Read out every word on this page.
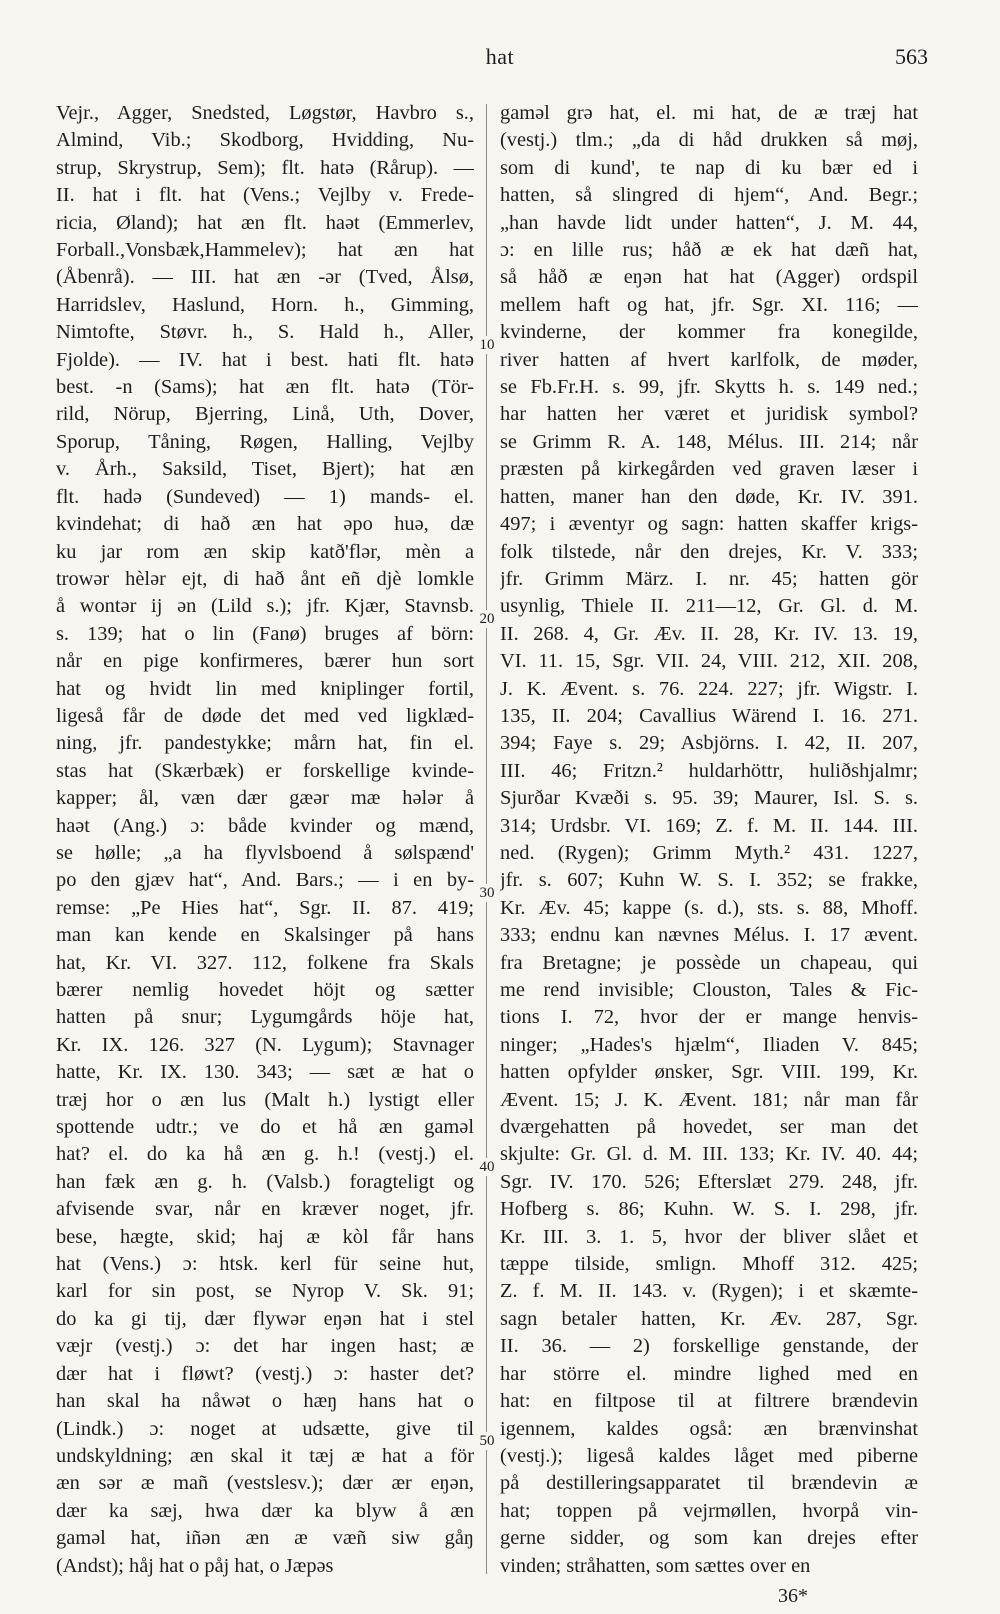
hat	563
Vejr., Agger, Snedsted, Løgstør, Havbro s.,
Almind, Vib.; Skodborg, Hvidding, Nu-
strup, Skrystrup, Sem); flt. hatə (Rårup). —
II. hat i flt. hat (Vens.; Vejlby v. Frede-
ricia, Øland); hat æn flt. haət (Emmerlev,
Forball.,Vonsbæk,Hammelev); hat æn hat
(Åbenrå). — III. hat æn -ər (Tved, Ålsø,
Harridslev, Haslund, Horn. h., Gimming,
Nimtofte, Støvr. h., S. Hald h., Aller,
Fjolde). — IV. hat i best. hati flt. hatə
best. -n (Sams); hat æn flt. hatə (Tör-
rild, Nörup, Bjerring, Linå, Uth, Dover,
Sporup, Tåning, Røgen, Halling, Vejlby
v. Årh., Saksild, Tiset, Bjert); hat æn
flt. hadə (Sundeved) — 1) mands- el.
kvindehat; di hað æn hat əpo huə, dæ
ku jar rom æn skip katð'flər, mèn a
trowər hèlər ejt, di hað ånt eñ djè lomkle
å wontər ij ən (Lild s.); jfr. Kjær, Stavnsb.
s. 139; hat o lin (Fanø) bruges af börn:
når en pige konfirmeres, bærer hun sort
hat og hvidt lin med kniplinger fortil,
ligeså får de døde det med ved ligklæd-
ning, jfr. pandestykke; mårn hat, fin el.
stas hat (Skærbæk) er forskellige kvinde-
kapper; ål, væn dær gæər mæ hələr å
haət (Ang.) ɔ: både kvinder og mænd,
se hølle; „a ha flyvlsboend å sølspænd'
po den gjæv hat“, And. Bars.; — i en by-
remse: „Pe Hies hat“, Sgr. II. 87. 419;
man kan kende en Skalsinger på hans
hat, Kr. VI. 327. 112, folkene fra Skals
bærer nemlig hovedet höjt og sætter
hatten på snur; Lygumgårds höje hat,
Kr. IX. 126. 327 (N. Lygum); Stavnager
hatte, Kr. IX. 130. 343; — sæt æ hat o
træj hor o æn lus (Malt h.) lystigt eller
spottende udtr.; ve do et hå æn gaməl
hat? el. do ka hå æn g. h.! (vestj.) el.
han fæk æn g. h. (Valsb.) foragteligt og
afvisende svar, når en kræver noget, jfr.
bese, hægte, skid; haj æ kòl får hans
hat (Vens.) ɔ: htsk. kerl für seine hut,
karl for sin post, se Nyrop V. Sk. 91;
do ka gi tij, dær flywər eŋən hat i stel
væjr (vestj.) ɔ: det har ingen hast; æ
dær hat i fløwt? (vestj.) ɔ: haster det?
han skal ha nåwət o hæŋ hans hat o
(Lindk.) ɔ: noget at udsætte, give til
undskyldning; æn skal it tæj æ hat a för
æn sər æ mañ (vestslesv.); dær ær eŋən,
dær ka sæj, hwa dær ka blyw å æn
gaməl hat, iñən æn æ væñ siw gåŋ
(Andst); håj hat o påj hat, o Jæpəs
gaməl grə hat, el. mi hat, de æ træj hat
(vestj.) tlm.; „da di håd drukken så møj,
som di kund', te nap di ku bær ed i
hatten, så slingred di hjem“, And. Begr.;
„han havde lidt under hatten“, J. M. 44,
ɔ: en lille rus; håð æ ek hat dæñ hat,
så håð æ eŋən hat hat (Agger) ordspil
mellem haft og hat, jfr. Sgr. XI. 116; —
kvinderne, der kommer fra konegilde,
river hatten af hvert karlfolk, de møder,
se Fb.Fr.H. s. 99, jfr. Skytts h. s. 149 ned.;
har hatten her været et juridisk symbol?
se Grimm R. A. 148, Mélus. III. 214; når
præsten på kirkegården ved graven læser i
hatten, maner han den døde, Kr. IV. 391.
497; i æventyr og sagn: hatten skaffer krigs-
folk tilstede, når den drejes, Kr. V. 333;
jfr. Grimm März. I. nr. 45; hatten gör
usynlig, Thiele II. 211—12, Gr. Gl. d. M.
II. 268. 4, Gr. Æv. II. 28, Kr. IV. 13. 19,
VI. 11. 15, Sgr. VII. 24, VIII. 212, XII. 208,
J. K. Ævent. s. 76. 224. 227; jfr. Wigstr. I.
135, II. 204; Cavallius Wärend I. 16. 271.
394; Faye s. 29; Asbjörns. I. 42, II. 207,
III. 46; Fritzn.² huldarhöttr, huliðshjalmr;
Sjurðar Kvæði s. 95. 39; Maurer, Isl. S. s.
314; Urdsbr. VI. 169; Z. f. M. II. 144. III.
ned. (Rygen); Grimm Myth.² 431. 1227,
jfr. s. 607; Kuhn W. S. I. 352; se frakke,
Kr. Æv. 45; kappe (s. d.), sts. s. 88, Mhoff.
333; endnu kan nævnes Mélus. I. 17 ævent.
fra Bretagne; je possède un chapeau, qui
me rend invisible; Clouston, Tales & Fic-
tions I. 72, hvor der er mange henvis-
ninger; „Hades's hjælm“, Iliaden V. 845;
hatten opfylder ønsker, Sgr. VIII. 199, Kr.
Ævent. 15; J. K. Ævent. 181; når man får
dværgehatten på hovedet, ser man det
skjulte: Gr. Gl. d. M. III. 133; Kr. IV. 40. 44;
Sgr. IV. 170. 526; Efterslæt 279. 248, jfr.
Hofberg s. 86; Kuhn. W. S. I. 298, jfr.
Kr. III. 3. 1. 5, hvor der bliver slået et
tæppe tilside, smlign. Mhoff 312. 425;
Z. f. M. II. 143. v. (Rygen); i et skæmte-
sagn betaler hatten, Kr. Æv. 287, Sgr.
II. 36. — 2) forskellige genstande, der
har större el. mindre lighed med en
hat: en filtpose til at filtrere brændevin
igennem, kaldes også: æn brænvinshat
(vestj.); ligeså kaldes låget med piberne
på destilleringsapparatet til brændevin æ
hat; toppen på vejrmøllen, hvorpå vin-
gerne sidder, og som kan drejes efter
vinden; stråhatten, som sættes over en
10
20
30
40
50
36*
